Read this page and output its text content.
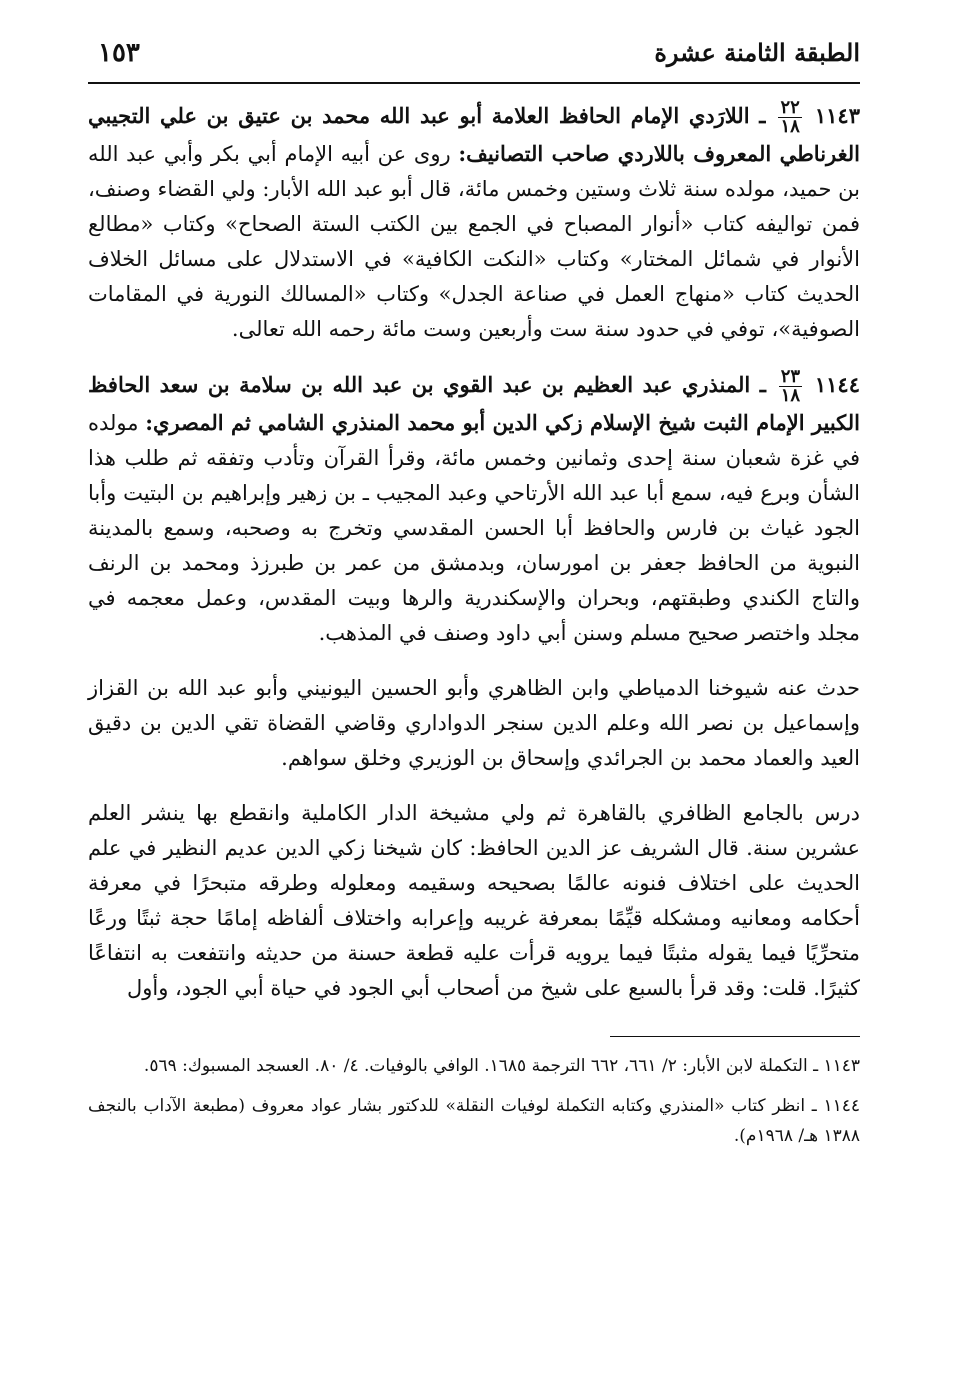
الطبقة الثامنة عشرة
١٥٣

١١٤٣
$\frac{٢٢}{١٨}$
ـ اللارَدي الإمام الحافظ العلامة أبو عبد الله محمد بن عتيق بن علي التجيبي الغرناطي المعروف باللاردي صاحب التصانيف: روى عن أبيه الإمام أبي بكر وأبي عبد الله بن حميد، مولده سنة ثلاث وستين وخمس مائة، قال أبو عبد الله الأبار: ولي القضاء وصنف، فمن تواليفه كتاب «أنوار المصباح في الجمع بين الكتب الستة الصحاح» وكتاب «مطالع الأنوار في شمائل المختار» وكتاب «النكت الكافية» في الاستدلال على مسائل الخلاف الحديث كتاب «منهاج العمل في صناعة الجدل» وكتاب «المسالك النورية في المقامات الصوفية»، توفي في حدود سنة ست وأربعين وست مائة رحمه الله تعالى.

١١٤٤
$\frac{٢٣}{١٨}$
ـ المنذري عبد العظيم بن عبد القوي بن عبد الله بن سلامة بن سعد الحافظ الكبير الإمام الثبت شيخ الإسلام زكي الدين أبو محمد المنذري الشامي ثم المصري: مولده في غزة شعبان سنة إحدى وثمانين وخمس مائة، وقرأ القرآن وتأدب وتفقه ثم طلب هذا الشأن وبرع فيه، سمع أبا عبد الله الأرتاحي وعبد المجيب ـ بن زهير وإبراهيم بن البتيت وأبا الجود غياث بن فارس والحافظ أبا الحسن المقدسي وتخرج به وصحبه، وسمع بالمدينة النبوية من الحافظ جعفر بن امورسان، وبدمشق من عمر بن طبرزذ ومحمد بن الرنف والتاج الكندي وطبقتهم، وبحران والإسكندرية والرها وبيت المقدس، وعمل معجمه في مجلد واختصر صحيح مسلم وسنن أبي داود وصنف في المذهب.

حدث عنه شيوخنا الدمياطي وابن الظاهري وأبو الحسين اليونيني وأبو عبد الله بن القزاز وإسماعيل بن نصر الله وعلم الدين سنجر الدواداري وقاضي القضاة تقي الدين بن دقيق العيد والعماد محمد بن الجرائدي وإسحاق بن الوزيري وخلق سواهم.

درس بالجامع الظافري بالقاهرة ثم ولي مشيخة الدار الكاملية وانقطع بها ينشر العلم عشرين سنة. قال الشريف عز الدين الحافظ: كان شيخنا زكي الدين عديم النظير في علم الحديث على اختلاف فنونه عالمًا بصحيحه وسقيمه ومعلوله وطرقه متبحرًا في معرفة أحكامه ومعانيه ومشكله قيِّمًا بمعرفة غريبه وإعرابه واختلاف ألفاظه إمامًا حجة ثبتًا ورعًا متحرِّيًا فيما يقوله مثبتًا فيما يرويه قرأت عليه قطعة حسنة من حديثه وانتفعت به انتفاعًا كثيرًا. قلت: وقد قرأ بالسبع على شيخ من أصحاب أبي الجود في حياة أبي الجود، وأول

١١٤٣ ـ التكملة لابن الأبار: ٢/ ٦٦١، ٦٦٢ الترجمة ١٦٨٥. الوافي بالوفيات. ٤/ ٨٠. العسجد المسبوك: ٥٦٩.

١١٤٤ ـ انظر كتاب «المنذري وكتابه التكملة لوفيات النقلة» للدكتور بشار عواد معروف (مطبعة الآداب بالنجف ١٣٨٨ هـ/ ١٩٦٨م).
